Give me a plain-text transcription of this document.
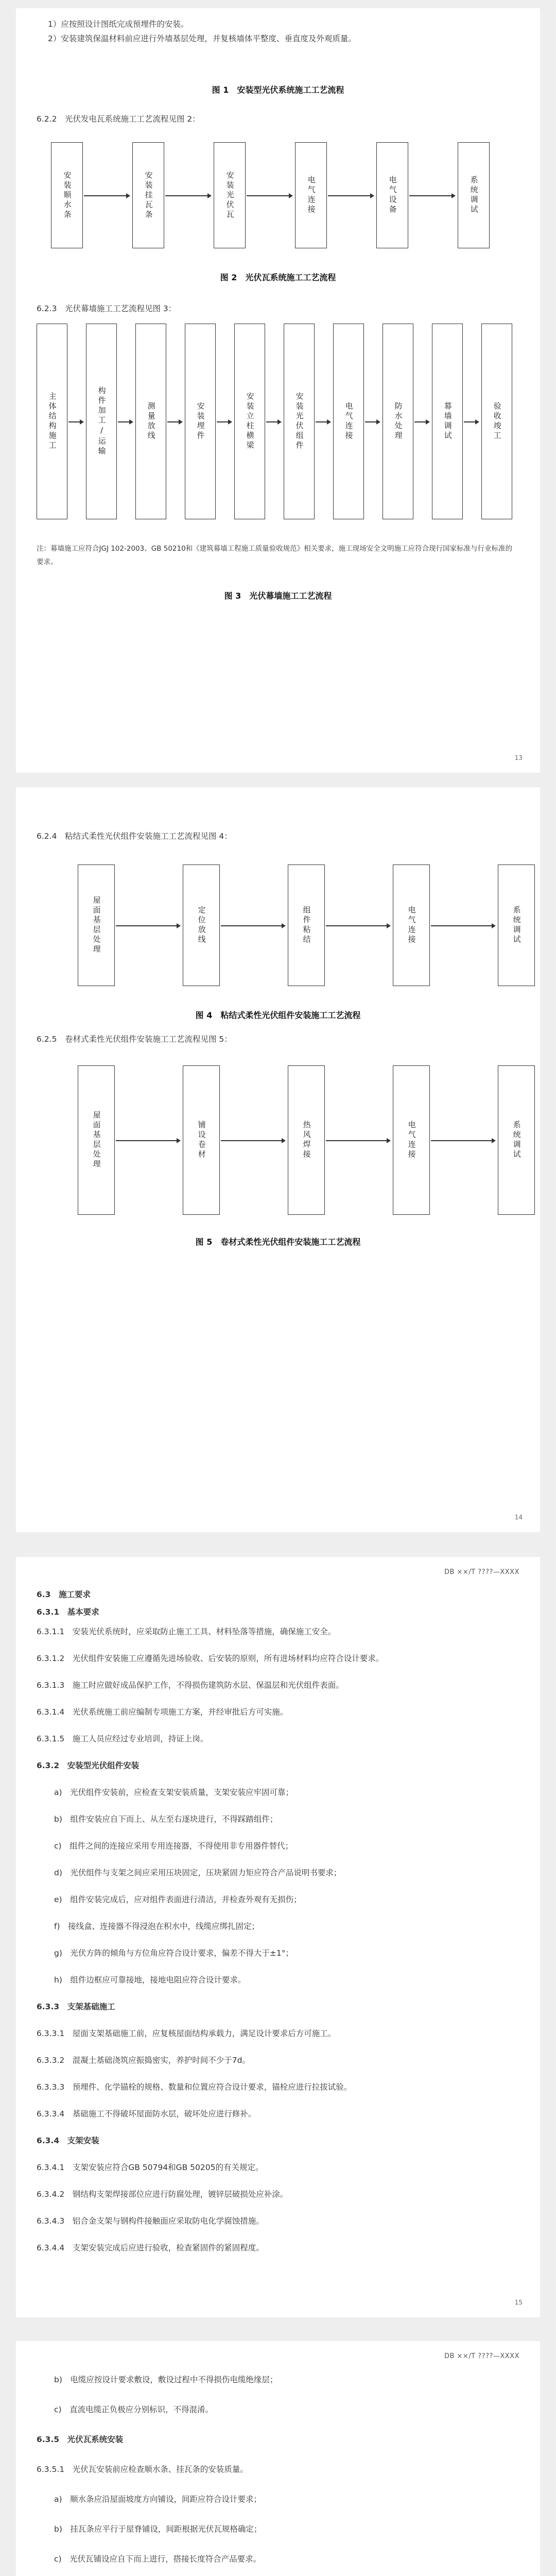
1）应按照设计图纸完成预埋件的安装。
2）安装建筑保温材料前应进行外墙基层处理，并复核墙体平整度、垂直度及外观质量。
图 1　安装型光伏系统施工工艺流程
6.2.2　光伏发电瓦系统施工工艺流程见图 2：
安装顺水条	安装挂瓦条	安装光伏瓦	电气连接	电气设备	系统调试
图 2　光伏瓦系统施工工艺流程
6.2.3　光伏幕墙施工工艺流程见图 3：
主体结构施工	构件加工/运输	测量放线	安装埋件	安装立柱横梁	安装光伏组件	电气连接	防水处理	幕墙调试	验收竣工
注：幕墙施工应符合JGJ 102-2003、GB 50210和《建筑幕墙工程施工质量验收规范》相关要求，施工现场安全文明施工应符合现行国家标准与行业标准的要求。
图 3　光伏幕墙施工工艺流程
13
6.2.4　粘结式柔性光伏组件安装施工工艺流程见图 4：
屋面基层处理	定位放线	组件粘结	电气连接	系统调试
图 4　粘结式柔性光伏组件安装施工工艺流程
6.2.5　卷材式柔性光伏组件安装施工工艺流程见图 5：
屋面基层处理	铺设卷材	热风焊接	电气连接	系统调试
图 5　卷材式柔性光伏组件安装施工工艺流程
14
DB ××/T ????—XXXX
6.3　施工要求
6.3.1　基本要求
6.3.1.1　安装光伏系统时，应采取防止施工工具、材料坠落等措施，确保施工安全。
6.3.1.2　光伏组件安装施工应遵循先进场验收、后安装的原则，所有进场材料均应符合设计要求。
6.3.1.3　施工时应做好成品保护工作，不得损伤建筑防水层、保温层和光伏组件表面。
6.3.1.4　光伏系统施工前应编制专项施工方案，并经审批后方可实施。
6.3.1.5　施工人员应经过专业培训，持证上岗。
6.3.2　安装型光伏组件安装
a)　光伏组件安装前，应检查支架安装质量，支架安装应牢固可靠；
b)　组件安装应自下而上、从左至右逐块进行，不得踩踏组件；
c)　组件之间的连接应采用专用连接器，不得使用非专用器件替代；
d)　光伏组件与支架之间应采用压块固定，压块紧固力矩应符合产品说明书要求；
e)　组件安装完成后，应对组件表面进行清洁，并检查外观有无损伤；
f)　接线盒、连接器不得浸泡在积水中，线缆应绑扎固定；
g)　光伏方阵的倾角与方位角应符合设计要求，偏差不得大于±1°；
h)　组件边框应可靠接地，接地电阻应符合设计要求。
6.3.3　支架基础施工
6.3.3.1　屋面支架基础施工前，应复核屋面结构承载力，满足设计要求后方可施工。
6.3.3.2　混凝土基础浇筑应振捣密实，养护时间不少于7d。
6.3.3.3　预埋件、化学锚栓的规格、数量和位置应符合设计要求，锚栓应进行拉拔试验。
6.3.3.4　基础施工不得破坏屋面防水层，破坏处应进行修补。
6.3.4　支架安装
6.3.4.1　支架安装应符合GB 50794和GB 50205的有关规定。
6.3.4.2　钢结构支架焊接部位应进行防腐处理，镀锌层破损处应补涂。
6.3.4.3　铝合金支架与钢构件接触面应采取防电化学腐蚀措施。
6.3.4.4　支架安装完成后应进行验收，检查紧固件的紧固程度。
15
DB ××/T ????—XXXX
b)　电缆应按设计要求敷设，敷设过程中不得损伤电缆绝缘层；
c)　直流电缆正负极应分别标识，不得混淆。
6.3.5　光伏瓦系统安装
6.3.5.1　光伏瓦安装前应检查顺水条、挂瓦条的安装质量。
a)　顺水条应沿屋面坡度方向铺设，间距应符合设计要求；
b)　挂瓦条应平行于屋脊铺设，间距根据光伏瓦规格确定；
c)　光伏瓦铺设应自下而上进行，搭接长度符合产品要求。
